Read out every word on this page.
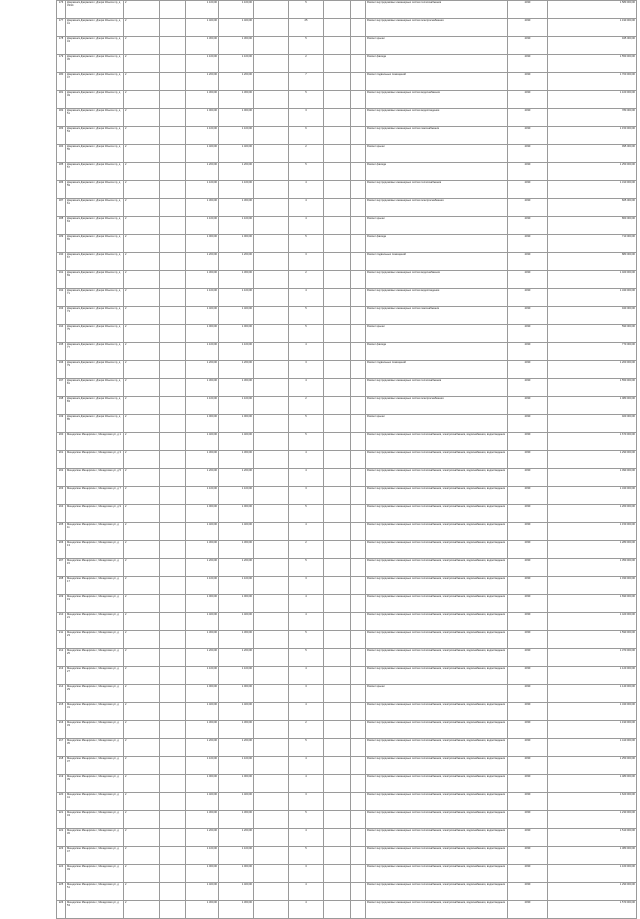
176	Дзержинск Дзержинск г, Дзерж Ильича пр, д 33/14	2		1 100,00	1 100,00		5			Ремонт внутридомовых инженерных систем теплоснабжения	2030	1 580 000,00
177	Дзержинск Дзержинск г, Дзерж Ильича пр, д 41	2		1 400,00	1 400,00		25			Ремонт внутридомовых инженерных систем электроснабжения	2030	1 190 000,00
178	Дзержинск Дзержинск г, Дзерж Ильича пр, д 43	2		1 300,00	1 300,00		5			Ремонт крыши	2030	945 000,00
179	Дзержинск Дзержинск г, Дзерж Ильича пр, д 45	2		1 100,00	1 100,00		2			Ремонт фасада	2030	1 550 000,00
180	Дзержинск Дзержинск г, Дзерж Ильича пр, д 47	2		1 200,00	1 200,00		7			Ремонт подвальных помещений	2030	1 700 000,00
181	Дзержинск Дзержинск г, Дзерж Ильича пр, д 49	2		1 300,00	1 300,00		5			Ремонт внутридомовых инженерных систем водоснабжения	2030	1 100 000,00
182	Дзержинск Дзержинск г, Дзерж Ильича пр, д 51	2		1 000,00	1 000,00		3			Ремонт внутридомовых инженерных систем водоотведения	2030	780 000,00
183	Дзержинск Дзержинск г, Дзерж Ильича пр, д 53	2		1 100,00	1 100,00		6			Ремонт внутридомовых инженерных систем газоснабжения	2030	1 150 000,00
184	Дзержинск Дзержинск г, Дзерж Ильича пр, д 55	2		1 400,00	1 400,00		2			Ремонт крыши	2030	995 000,00
185	Дзержинск Дзержинск г, Дзерж Ильича пр, д 57	2		1 200,00	1 200,00		5			Ремонт фасада	2030	1 250 000,00
186	Дзержинск Дзержинск г, Дзерж Ильича пр, д 59	2		1 100,00	1 100,00		4			Ремонт внутридомовых инженерных систем теплоснабжения	2030	1 310 000,00
187	Дзержинск Дзержинск г, Дзерж Ильича пр, д 61	2		1 300,00	1 300,00		4			Ремонт внутридомовых инженерных систем электроснабжения	2030	825 000,00
188	Дзержинск Дзержинск г, Дзерж Ильича пр, д 63	2		1 100,00	1 100,00		4			Ремонт крыши	2030	860 000,00
189	Дзержинск Дзержинск г, Дзерж Ильича пр, д 65	2		1 000,00	1 000,00		5			Ремонт фасада	2030	710 000,00
190	Дзержинск Дзержинск г, Дзерж Ильича пр, д 67	2		1 200,00	1 200,00		3			Ремонт подвальных помещений	2030	880 000,00
191	Дзержинск Дзержинск г, Дзерж Ильича пр, д 69	2		1 300,00	1 300,00		2			Ремонт внутридомовых инженерных систем водоснабжения	2030	1 020 000,00
192	Дзержинск Дзержинск г, Дзерж Ильича пр, д 71	2		1 100,00	1 100,00		4			Ремонт внутридомовых инженерных систем водоотведения	2030	1 340 000,00
193	Дзержинск Дзержинск г, Дзерж Ильича пр, д 73	2		1 400,00	1 400,00		5			Ремонт внутридомовых инженерных систем газоснабжения	2030	940 000,00
194	Дзержинск Дзержинск г, Дзерж Ильича пр, д 75	2		1 000,00	1 000,00		5			Ремонт крыши	2030	590 000,00
195	Дзержинск Дзержинск г, Дзерж Ильича пр, д 77	2		1 100,00	1 100,00		4			Ремонт фасада	2030	770 000,00
196	Дзержинск Дзержинск г, Дзерж Ильича пр, д 79	2		1 200,00	1 200,00		3			Ремонт подвальных помещений	2030	1 200 000,00
197	Дзержинск Дзержинск г, Дзерж Ильича пр, д 81	2		1 300,00	1 300,00		4			Ремонт внутридомовых инженерных систем теплоснабжения	2030	1 550 000,00
198	Дзержинск Дзержинск г, Дзерж Ильича пр, д 83	2		1 100,00	1 100,00		2			Ремонт внутридомовых инженерных систем электроснабжения	2030	1 080 000,00
199	Дзержинск Дзержинск г, Дзерж Ильича пр, д 85	2		1 000,00	1 000,00		5			Ремонт крыши	2030	920 000,00
200	Мещерское Мещерское г, Мещерская ул, д 1	2		1 400,00	1 400,00		5			Ремонт внутридомовых инженерных систем теплоснабжения, электроснабжения, водоснабжения, водоотведения	2030	1 670 000,00
201	Мещерское Мещерское г, Мещерская ул, д 3	2		1 300,00	1 300,00		4			Ремонт внутридомовых инженерных систем теплоснабжения, электроснабжения, водоснабжения, водоотведения	2030	1 290 000,00
202	Мещерское Мещерское г, Мещерская ул, д 5	2		1 200,00	1 200,00		4			Ремонт внутридомовых инженерных систем теплоснабжения, электроснабжения, водоснабжения, водоотведения	2030	1 090 000,00
203	Мещерское Мещерское г, Мещерская ул, д 7	2		1 100,00	1 100,00		3			Ремонт внутридомовых инженерных систем теплоснабжения, электроснабжения, водоснабжения, водоотведения	2030	1 340 000,00
204	Мещерское Мещерское г, Мещерская ул, д 9	2		1 000,00	1 000,00		5			Ремонт внутридомовых инженерных систем теплоснабжения, электроснабжения, водоснабжения, водоотведения	2030	1 260 000,00
205	Мещерское Мещерское г, Мещерская ул, д 11	2		1 400,00	1 400,00		4			Ремонт внутридомовых инженерных систем теплоснабжения, электроснабжения, водоснабжения, водоотведения	2030	1 150 000,00
206	Мещерское Мещерское г, Мещерская ул, д 13	2		1 300,00	1 300,00		2			Ремонт внутридомовых инженерных систем теплоснабжения, электроснабжения, водоснабжения, водоотведения	2030	1 280 000,00
207	Мещерское Мещерское г, Мещерская ул, д 15	2		1 200,00	1 200,00		5			Ремонт внутридомовых инженерных систем теплоснабжения, электроснабжения, водоснабжения, водоотведения	2030	1 350 000,00
208	Мещерское Мещерское г, Мещерская ул, д 17	2		1 100,00	1 100,00		3			Ремонт внутридомовых инженерных систем теплоснабжения, электроснабжения, водоснабжения, водоотведения	2030	1 030 000,00
209	Мещерское Мещерское г, Мещерская ул, д 19	2		1 000,00	1 000,00		4			Ремонт внутридомовых инженерных систем теплоснабжения, электроснабжения, водоснабжения, водоотведения	2030	1 690 000,00
210	Мещерское Мещерское г, Мещерская ул, д 21	2		1 400,00	1 400,00		4			Ремонт внутридомовых инженерных систем теплоснабжения, электроснабжения, водоснабжения, водоотведения	2030	1 420 000,00
211	Мещерское Мещерское г, Мещерская ул, д 23	2		1 300,00	1 300,00		5			Ремонт внутридомовых инженерных систем теплоснабжения, электроснабжения, водоснабжения, водоотведения	2030	1 590 000,00
212	Мещерское Мещерское г, Мещерская ул, д 25	2		1 200,00	1 200,00		5			Ремонт внутридомовых инженерных систем теплоснабжения, электроснабжения, водоснабжения, водоотведения	2030	1 370 000,00
213	Мещерское Мещерское г, Мещерская ул, д 27	2		1 100,00	1 100,00		4			Ремонт внутридомовых инженерных систем теплоснабжения, электроснабжения, водоснабжения, водоотведения	2030	1 120 000,00
214	Мещерское Мещерское г, Мещерская ул, д 29	2		1 000,00	1 000,00		3			Ремонт крыши	2030	1 140 000,00
215	Мещерское Мещерское г, Мещерская ул, д 31	2		1 400,00	1 400,00		4			Ремонт внутридомовых инженерных систем теплоснабжения, электроснабжения, водоснабжения, водоотведения	2030	1 340 000,00
216	Мещерское Мещерское г, Мещерская ул, д 33	2		1 300,00	1 300,00		2			Ремонт внутридомовых инженерных систем теплоснабжения, электроснабжения, водоснабжения, водоотведения	2030	1 190 000,00
217	Мещерское Мещерское г, Мещерская ул, д 35	2		1 200,00	1 200,00		5			Ремонт внутридомовых инженерных систем теплоснабжения, электроснабжения, водоснабжения, водоотведения	2030	1 410 000,00
218	Мещерское Мещерское г, Мещерская ул, д 37	2		1 100,00	1 100,00		4			Ремонт внутридомовых инженерных систем теплоснабжения, электроснабжения, водоснабжения, водоотведения	2030	1 250 000,00
219	Мещерское Мещерское г, Мещерская ул, д 39	2		1 000,00	1 000,00		4			Ремонт внутридомовых инженерных систем теплоснабжения, электроснабжения, водоснабжения, водоотведения	2030	1 480 000,00
220	Мещерское Мещерское г, Мещерская ул, д 41	2		1 400,00	1 400,00		3			Ремонт внутридомовых инженерных систем теплоснабжения, электроснабжения, водоснабжения, водоотведения	2030	1 620 000,00
221	Мещерское Мещерское г, Мещерская ул, д 43	2		1 300,00	1 300,00		5			Ремонт внутридомовых инженерных систем теплоснабжения, электроснабжения, водоснабжения, водоотведения	2030	1 230 000,00
222	Мещерское Мещерское г, Мещерская ул, д 45	2		1 200,00	1 200,00		4			Ремонт внутридомовых инженерных систем теплоснабжения, электроснабжения, водоснабжения, водоотведения	2030	1 510 000,00
223	Мещерское Мещерское г, Мещерская ул, д 47	2		1 100,00	1 100,00		5			Ремонт внутридомовых инженерных систем теплоснабжения, электроснабжения, водоснабжения, водоотведения	2030	1 380 000,00
224	Мещерское Мещерское г, Мещерская ул, д 49	2		1 000,00	1 000,00		3			Ремонт внутридомовых инженерных систем теплоснабжения, электроснабжения, водоснабжения, водоотведения	2030	1 160 000,00
225	Мещерское Мещерское г, Мещерская ул, д 51	2		1 400,00	1 400,00		4			Ремонт внутридомовых инженерных систем теплоснабжения, электроснабжения, водоснабжения, водоотведения	2030	1 290 000,00
226	Мещерское Мещерское г, Мещерская ул, д 53	2		1 300,00	1 300,00		4			Ремонт внутридомовых инженерных систем теплоснабжения, электроснабжения, водоснабжения, водоотведения	2030	1 570 000,00
